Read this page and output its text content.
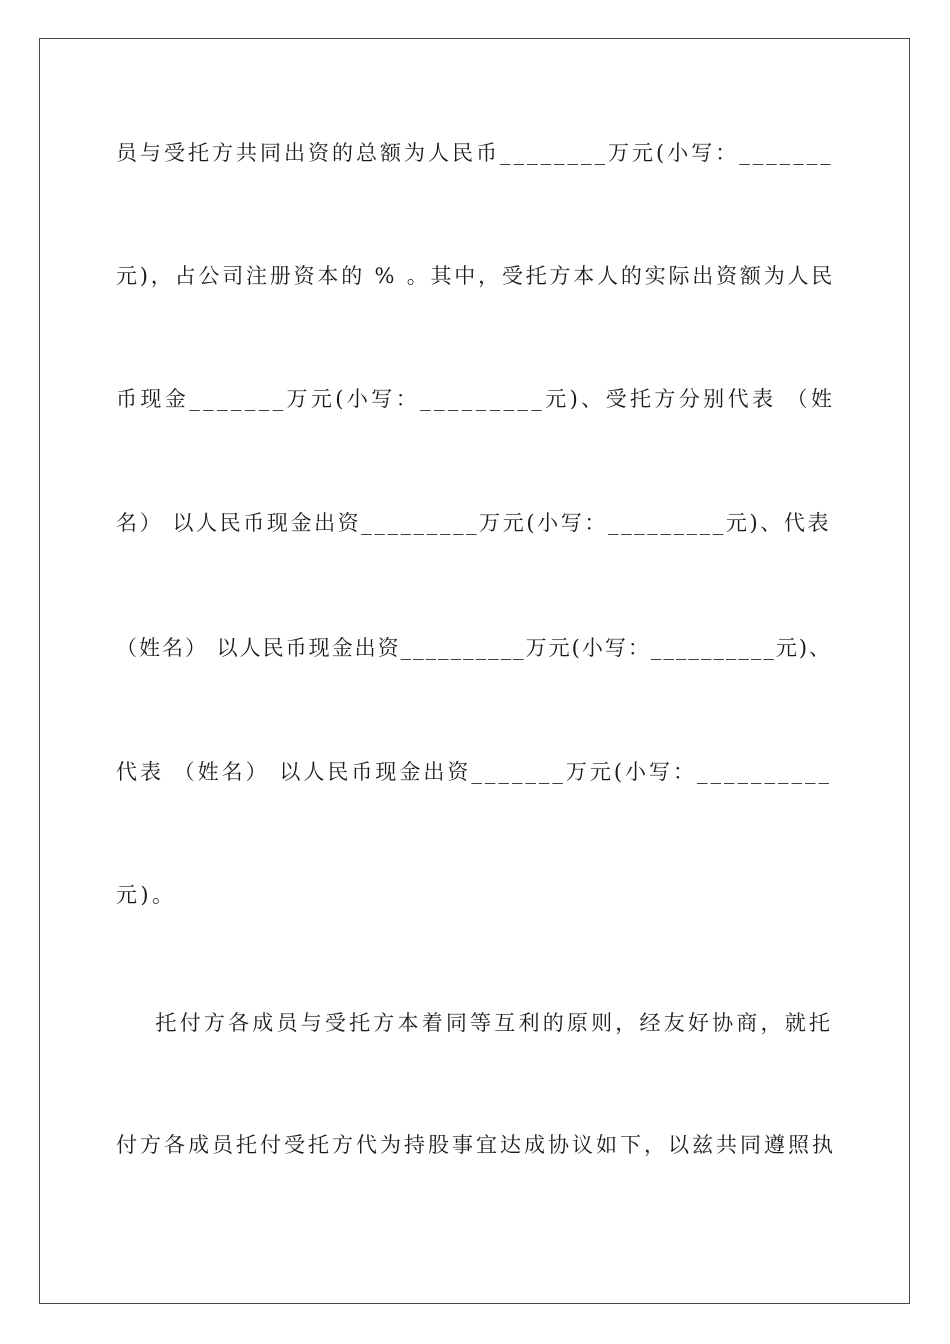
员与受托方共同出资的总额为人民币________万元(小写：_______
元)，占公司注册资本的 % 。其中，受托方本人的实际出资额为人民
币现金_______万元(小写：_________元)、受托方分别代表 （姓
名） 以人民币现金出资_________万元(小写：_________元)、代表
（姓名） 以人民币现金出资__________万元(小写：__________元)、
代表 （姓名） 以人民币现金出资_______万元(小写：__________
元)。
托付方各成员与受托方本着同等互利的原则，经友好协商，就托
付方各成员托付受托方代为持股事宜达成协议如下，以兹共同遵照执
